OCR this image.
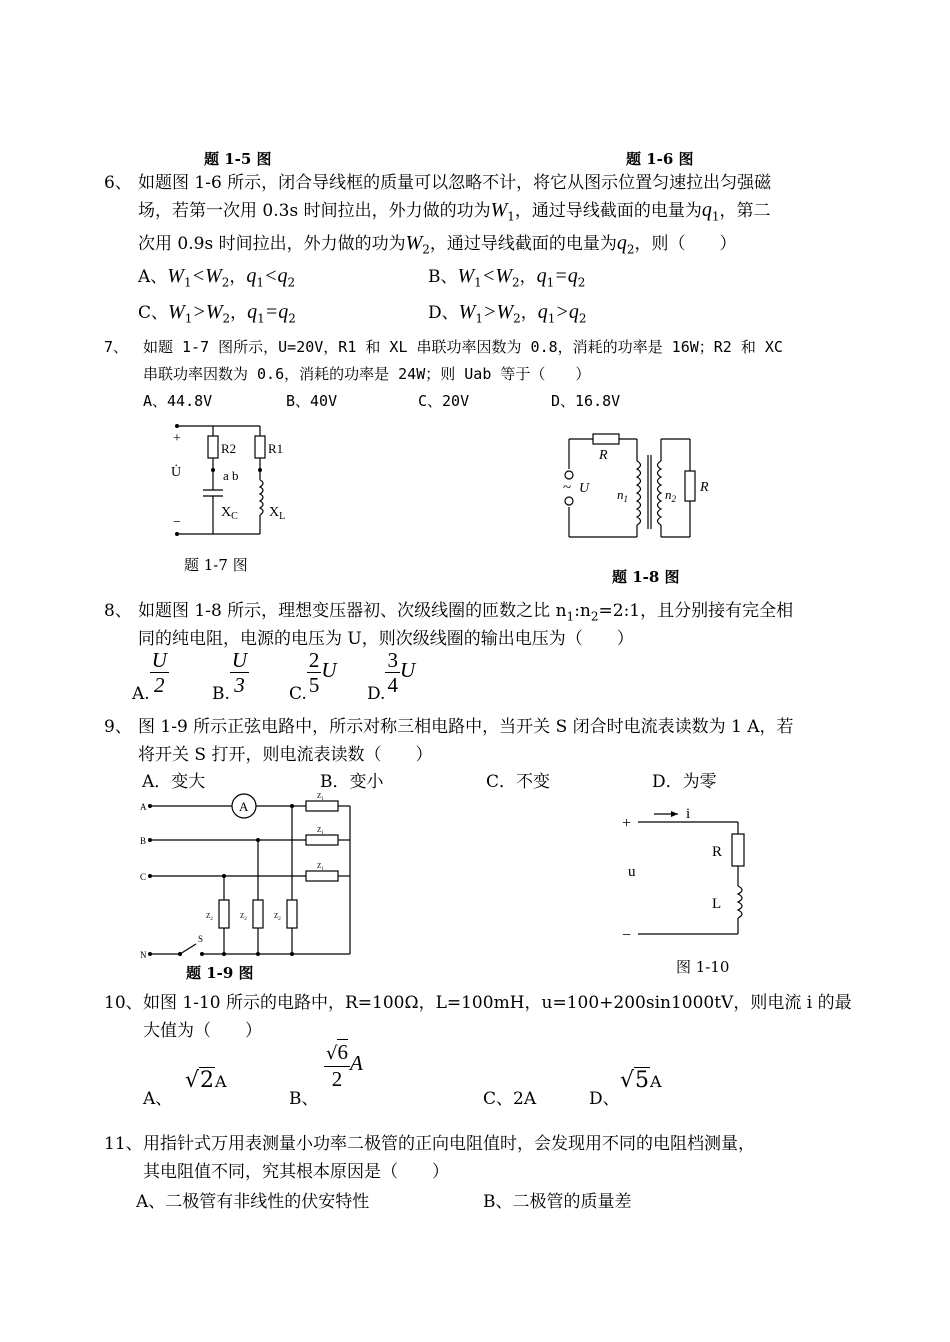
题 1-5 图	题 1-6 图
6、 如题图 1-6 所示，闭合导线框的质量可以忽略不计，将它从图示位置匀速拉出匀强磁
场，若第一次用 0.3s 时间拉出，外力做的功为$W_1$，通过导线截面的电量为$q_1$，第二
次用 0.9s 时间拉出，外力做的功为$W_2$，通过导线截面的电量为$q_2$，则（　　）
A、$W_1<W_2$，$q_1<q_2$	B、$W_1<W_2$，$q_1=q_2$
C、$W_1>W_2$，$q_1=q_2$	D、$W_1>W_2$，$q_1>q_2$
7、 如题 1-7 图所示，U=20V，R1 和 XL 串联功率因数为 0.8，消耗的功率是 16W；R2 和 XC
串联功率因数为 0.6，消耗的功率是 24W；则 Uab 等于（　　）
A、44.8V	B、40V	C、20V	D、16.8V
+
−
U̇
R2 R1
a b
$X_C$ $X_L$
题 1-7 图
R
~ U $n_1$	$n_2$
R
题 1-8 图
8、 如题图 1-8 所示，理想变压器初、次级线圈的匝数之比 $n_1:n_2=2:1$，且分别接有完全相
同的纯电阻，电源的电压为 U，则次级线圈的输出电压为（　　）
A. $\frac{U}{2}$	B. $\frac{U}{3} C$. $\frac{2}{5}$ U
D. $\frac{3}{4}$ U
9、 图 1-9 所示正弦电路中，所示对称三相电路中，当开关 S 闭合时电流表读数为 1 A，若
将开关 S 打开，则电流表读数（　　）
A．变大	B．变小	C．不变	D．为零
A
B
C
N
A
$Z_1$
$Z_1$
$Z_1$
$Z_2$	$Z_2$	$Z_2$
S
题 1-9 图
+
−
i
u
R
L
图 1-10
10、 如图 1-10 所示的电路中，R=100Ω，L=100mH，u=100+200sin1000tV，则电流 i 的最
大值为（　　）
A、
√2A
B、
$\frac{√6}{2}$ A
C、2A	D、
√5A
11、 用指针式万用表测量小功率二极管的正向电阻值时，会发现用不同的电阻档测量，
其电阻值不同，究其根本原因是（　　）
A、二极管有非线性的伏安特性	B、二极管的质量差
